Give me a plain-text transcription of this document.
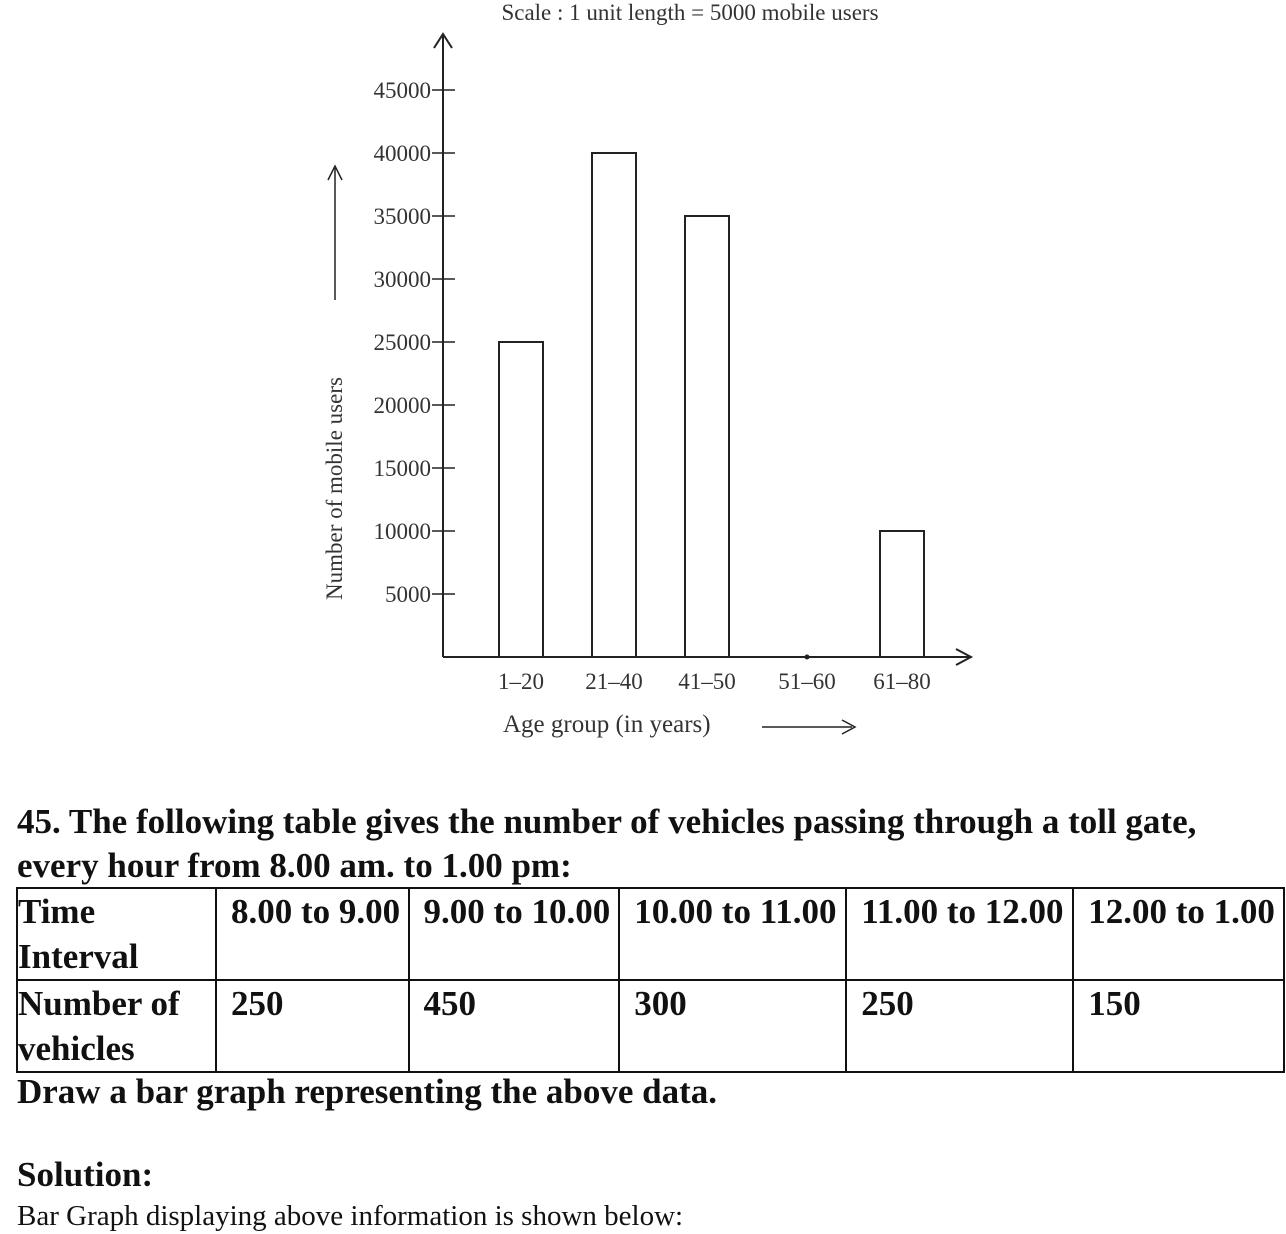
Scale : 1 unit length = 5000 mobile users
5000
10000
15000
20000
25000
30000
35000
40000
45000
1–20 21–40 41–50 51–60 61–80
Number of mobile users
Age group (in years)
45. The following table gives the number of vehicles passing through a toll gate, every hour from 8.00 am. to 1.00 pm:
Time Interval	8.00 to 9.00	9.00 to 10.00	10.00 to 11.00	11.00 to 12.00	12.00 to 1.00
Number of vehicles	250	450	300	250	150
Draw a bar graph representing the above data.
Solution:
Bar Graph displaying above information is shown below:
